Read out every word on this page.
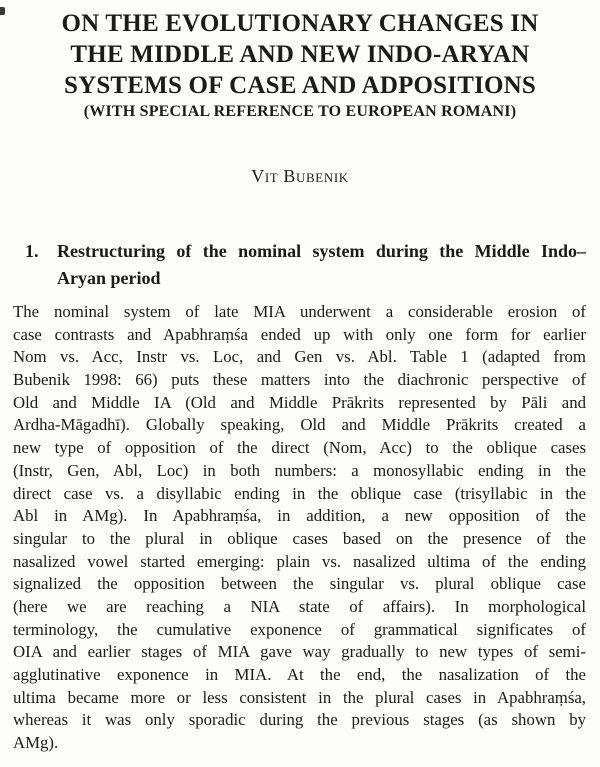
ON THE EVOLUTIONARY CHANGES IN
THE MIDDLE AND NEW INDO-ARYAN
SYSTEMS OF CASE AND ADPOSITIONS
(WITH SPECIAL REFERENCE TO EUROPEAN ROMANI)
Vit Bubenik
1.	Restructuring of the nominal system during the Middle Indo–
Aryan period
The nominal system of late MIA underwent a considerable erosion of
case contrasts and Apabhraṃśa ended up with only one form for earlier
Nom vs. Acc, Instr vs. Loc, and Gen vs. Abl. Table 1 (adapted from
Bubenik 1998: 66) puts these matters into the diachronic perspective of
Old and Middle IA (Old and Middle Prākrits represented by Pāli and
Ardha-Māgadhī). Globally speaking, Old and Middle Prākrits created a
new type of opposition of the direct (Nom, Acc) to the oblique cases
(Instr, Gen, Abl, Loc) in both numbers: a monosyllabic ending in the
direct case vs. a disyllabic ending in the oblique case (trisyllabic in the
Abl in AMg). In Apabhraṃśa, in addition, a new opposition of the
singular to the plural in oblique cases based on the presence of the
nasalized vowel started emerging: plain vs. nasalized ultima of the ending
signalized the opposition between the singular vs. plural oblique case
(here we are reaching a NIA state of affairs). In morphological
terminology, the cumulative exponence of grammatical significates of
OIA and earlier stages of MIA gave way gradually to new types of semi-
agglutinative exponence in MIA. At the end, the nasalization of the
ultima became more or less consistent in the plural cases in Apabhraṃśa,
whereas it was only sporadic during the previous stages (as shown by
AMg).
